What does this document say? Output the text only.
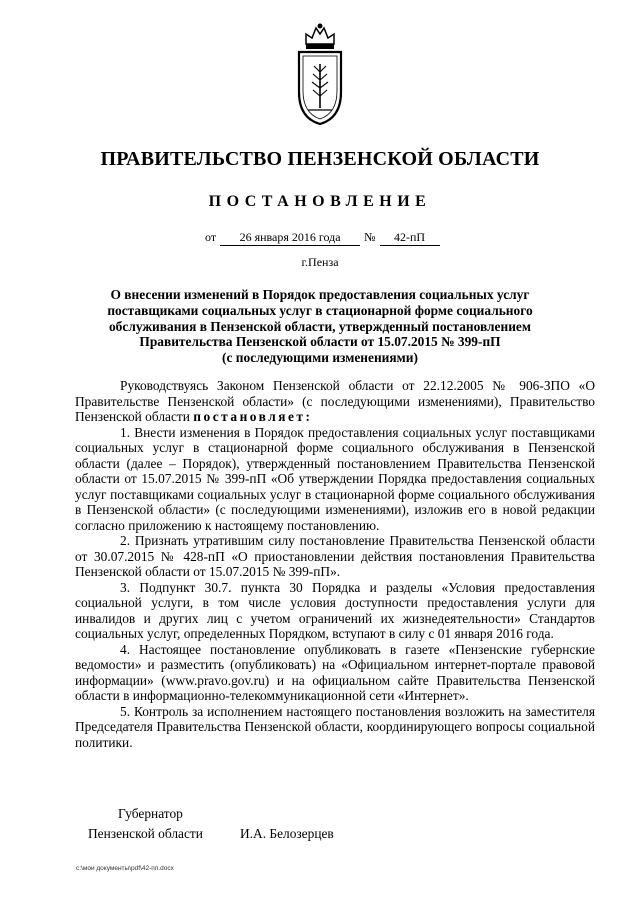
ПРАВИТЕЛЬСТВО ПЕНЗЕНСКОЙ ОБЛАСТИ
ПОСТАНОВЛЕНИЕ
от	26 января 2016 года	№	42-пП
г.Пенза
О внесении изменений в Порядок предоставления социальных услуг
поставщиками социальных услуг в стационарной форме социального
обслуживания в Пензенской области, утвержденный постановлением
Правительства Пензенской области от 15.07.2015 № 399-пП
(с последующими изменениями)

Руководствуясь Законом Пензенской области от 22.12.2005 № 906-ЗПО «О Правительстве Пензенской области» (с последующими изменениями), Правительство Пензенской области постановляет:

1. Внести изменения в Порядок предоставления социальных услуг поставщиками социальных услуг в стационарной форме социального обслуживания в Пензенской области (далее – Порядок), утвержденный постановлением Правительства Пензенской области от 15.07.2015 № 399-пП «Об утверждении Порядка предоставления социальных услуг поставщиками социальных услуг в стационарной форме социального обслуживания в Пензенской области» (с последующими изменениями), изложив его в новой редакции согласно приложению к настоящему постановлению.

2. Признать утратившим силу постановление Правительства Пензенской области от 30.07.2015 № 428-пП «О приостановлении действия постановления Правительства Пензенской области от 15.07.2015 № 399-пП».

3. Подпункт 30.7. пункта 30 Порядка и разделы «Условия предоставления социальной услуги, в том числе условия доступности предоставления услуги для инвалидов и других лиц с учетом ограничений их жизнедеятельности» Стандартов социальных услуг, определенных Порядком, вступают в силу с 01 января 2016 года.

4. Настоящее постановление опубликовать в газете «Пензенские губернские ведомости» и разместить (опубликовать) на «Официальном интернет-портале правовой информации» (www.pravo.gov.ru) и на официальном сайте Правительства Пензенской области в информационно-телекоммуникационной сети «Интернет».

5. Контроль за исполнением настоящего постановления возложить на заместителя Председателя Правительства Пензенской области, координирующего вопросы социальной политики.

Губернатор
Пензенской области	И.А. Белозерцев
c:\мои документы\pdf\42-пп.docx
